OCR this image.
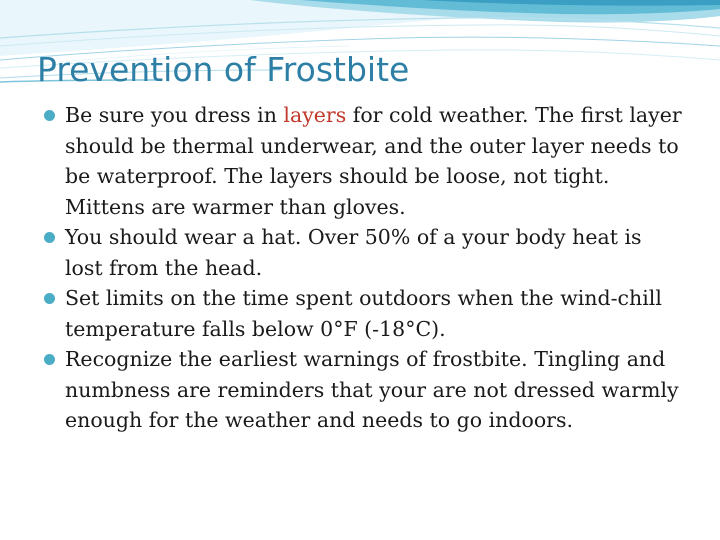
Prevention of Frostbite
Be sure you dress in layers for cold weather. The first layer should be thermal underwear, and the outer layer needs to be waterproof. The layers should be loose, not tight. Mittens are warmer than gloves.
You should wear a hat. Over 50% of a your body heat is lost from the head.
Set limits on the time spent outdoors when the wind-chill temperature falls below 0°F (-18°C).
Recognize the earliest warnings of frostbite. Tingling and numbness are reminders that your are not dressed warmly enough for the weather and needs to go indoors.
